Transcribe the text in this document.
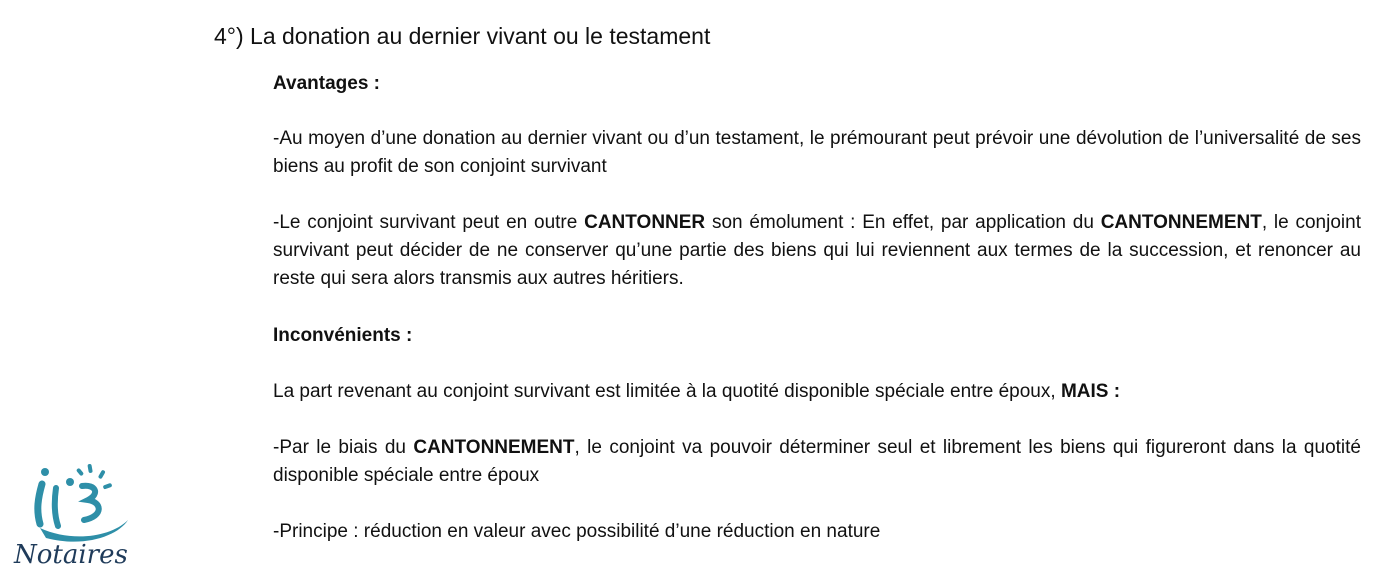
4°) La donation au dernier vivant ou le testament
Avantages :
-Au moyen d’une donation au dernier vivant ou d’un testament, le prémourant peut prévoir une dévolution de l’universalité de ses biens au profit de son conjoint survivant
-Le conjoint survivant peut en outre CANTONNER son émolument : En effet, par application du CANTONNEMENT, le conjoint survivant peut décider de ne conserver qu’une partie des biens qui lui reviennent aux termes de la succession, et renoncer au reste qui sera alors transmis aux autres héritiers.
Inconvénients :
La part revenant au conjoint survivant est limitée à la quotité disponible spéciale entre époux, MAIS :
-Par le biais du CANTONNEMENT, le conjoint va pouvoir déterminer seul et librement les biens qui figureront dans la quotité disponible spéciale entre époux
-Principe : réduction en valeur avec possibilité d’une réduction en nature
Notaires
